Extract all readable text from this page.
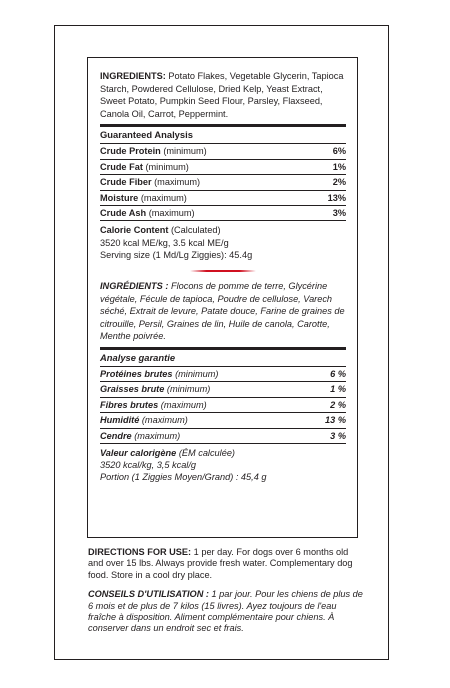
INGREDIENTS: Potato Flakes, Vegetable Glycerin, Tapioca Starch, Powdered Cellulose, Dried Kelp, Yeast Extract, Sweet Potato, Pumpkin Seed Flour, Parsley, Flaxseed, Canola Oil, Carrot, Peppermint.

Guaranteed Analysis
Crude Protein (minimum)	6%
Crude Fat (minimum)	1%
Crude Fiber (maximum)	2%
Moisture (maximum)	13%
Crude Ash (maximum)	3%
Calorie Content (Calculated)
3520 kcal ME/kg, 3.5 kcal ME/g
Serving size (1 Md/Lg Ziggies): 45.4g

INGRÉDIENTS : Flocons de pomme de terre, Glycérine végétale, Fécule de tapioca, Poudre de cellulose, Varech séché, Extrait de levure, Patate douce, Farine de graines de citrouille, Persil, Graines de lin, Huile de canola, Carotte, Menthe poivrée.

Analyse garantie
Protéines brutes (minimum)	6 %
Graisses brute (minimum)	1 %
Fibres brutes (maximum)	2 %
Humidité (maximum)	13 %
Cendre (maximum)	3 %
Valeur calorigène (ÉM calculée)
3520 kcal/kg, 3,5 kcal/g
Portion (1 Ziggies Moyen/Grand) : 45,4 g

DIRECTIONS FOR USE: 1 per day. For dogs over 6 months old and over 15 lbs. Always provide fresh water. Complementary dog food. Store in a cool dry place.

CONSEILS D'UTILISATION : 1 par jour. Pour les chiens de plus de 6 mois et de plus de 7 kilos (15 livres). Ayez toujours de l'eau fraîche à disposition. Aliment complémentaire pour chiens. À conserver dans un endroit sec et frais.
